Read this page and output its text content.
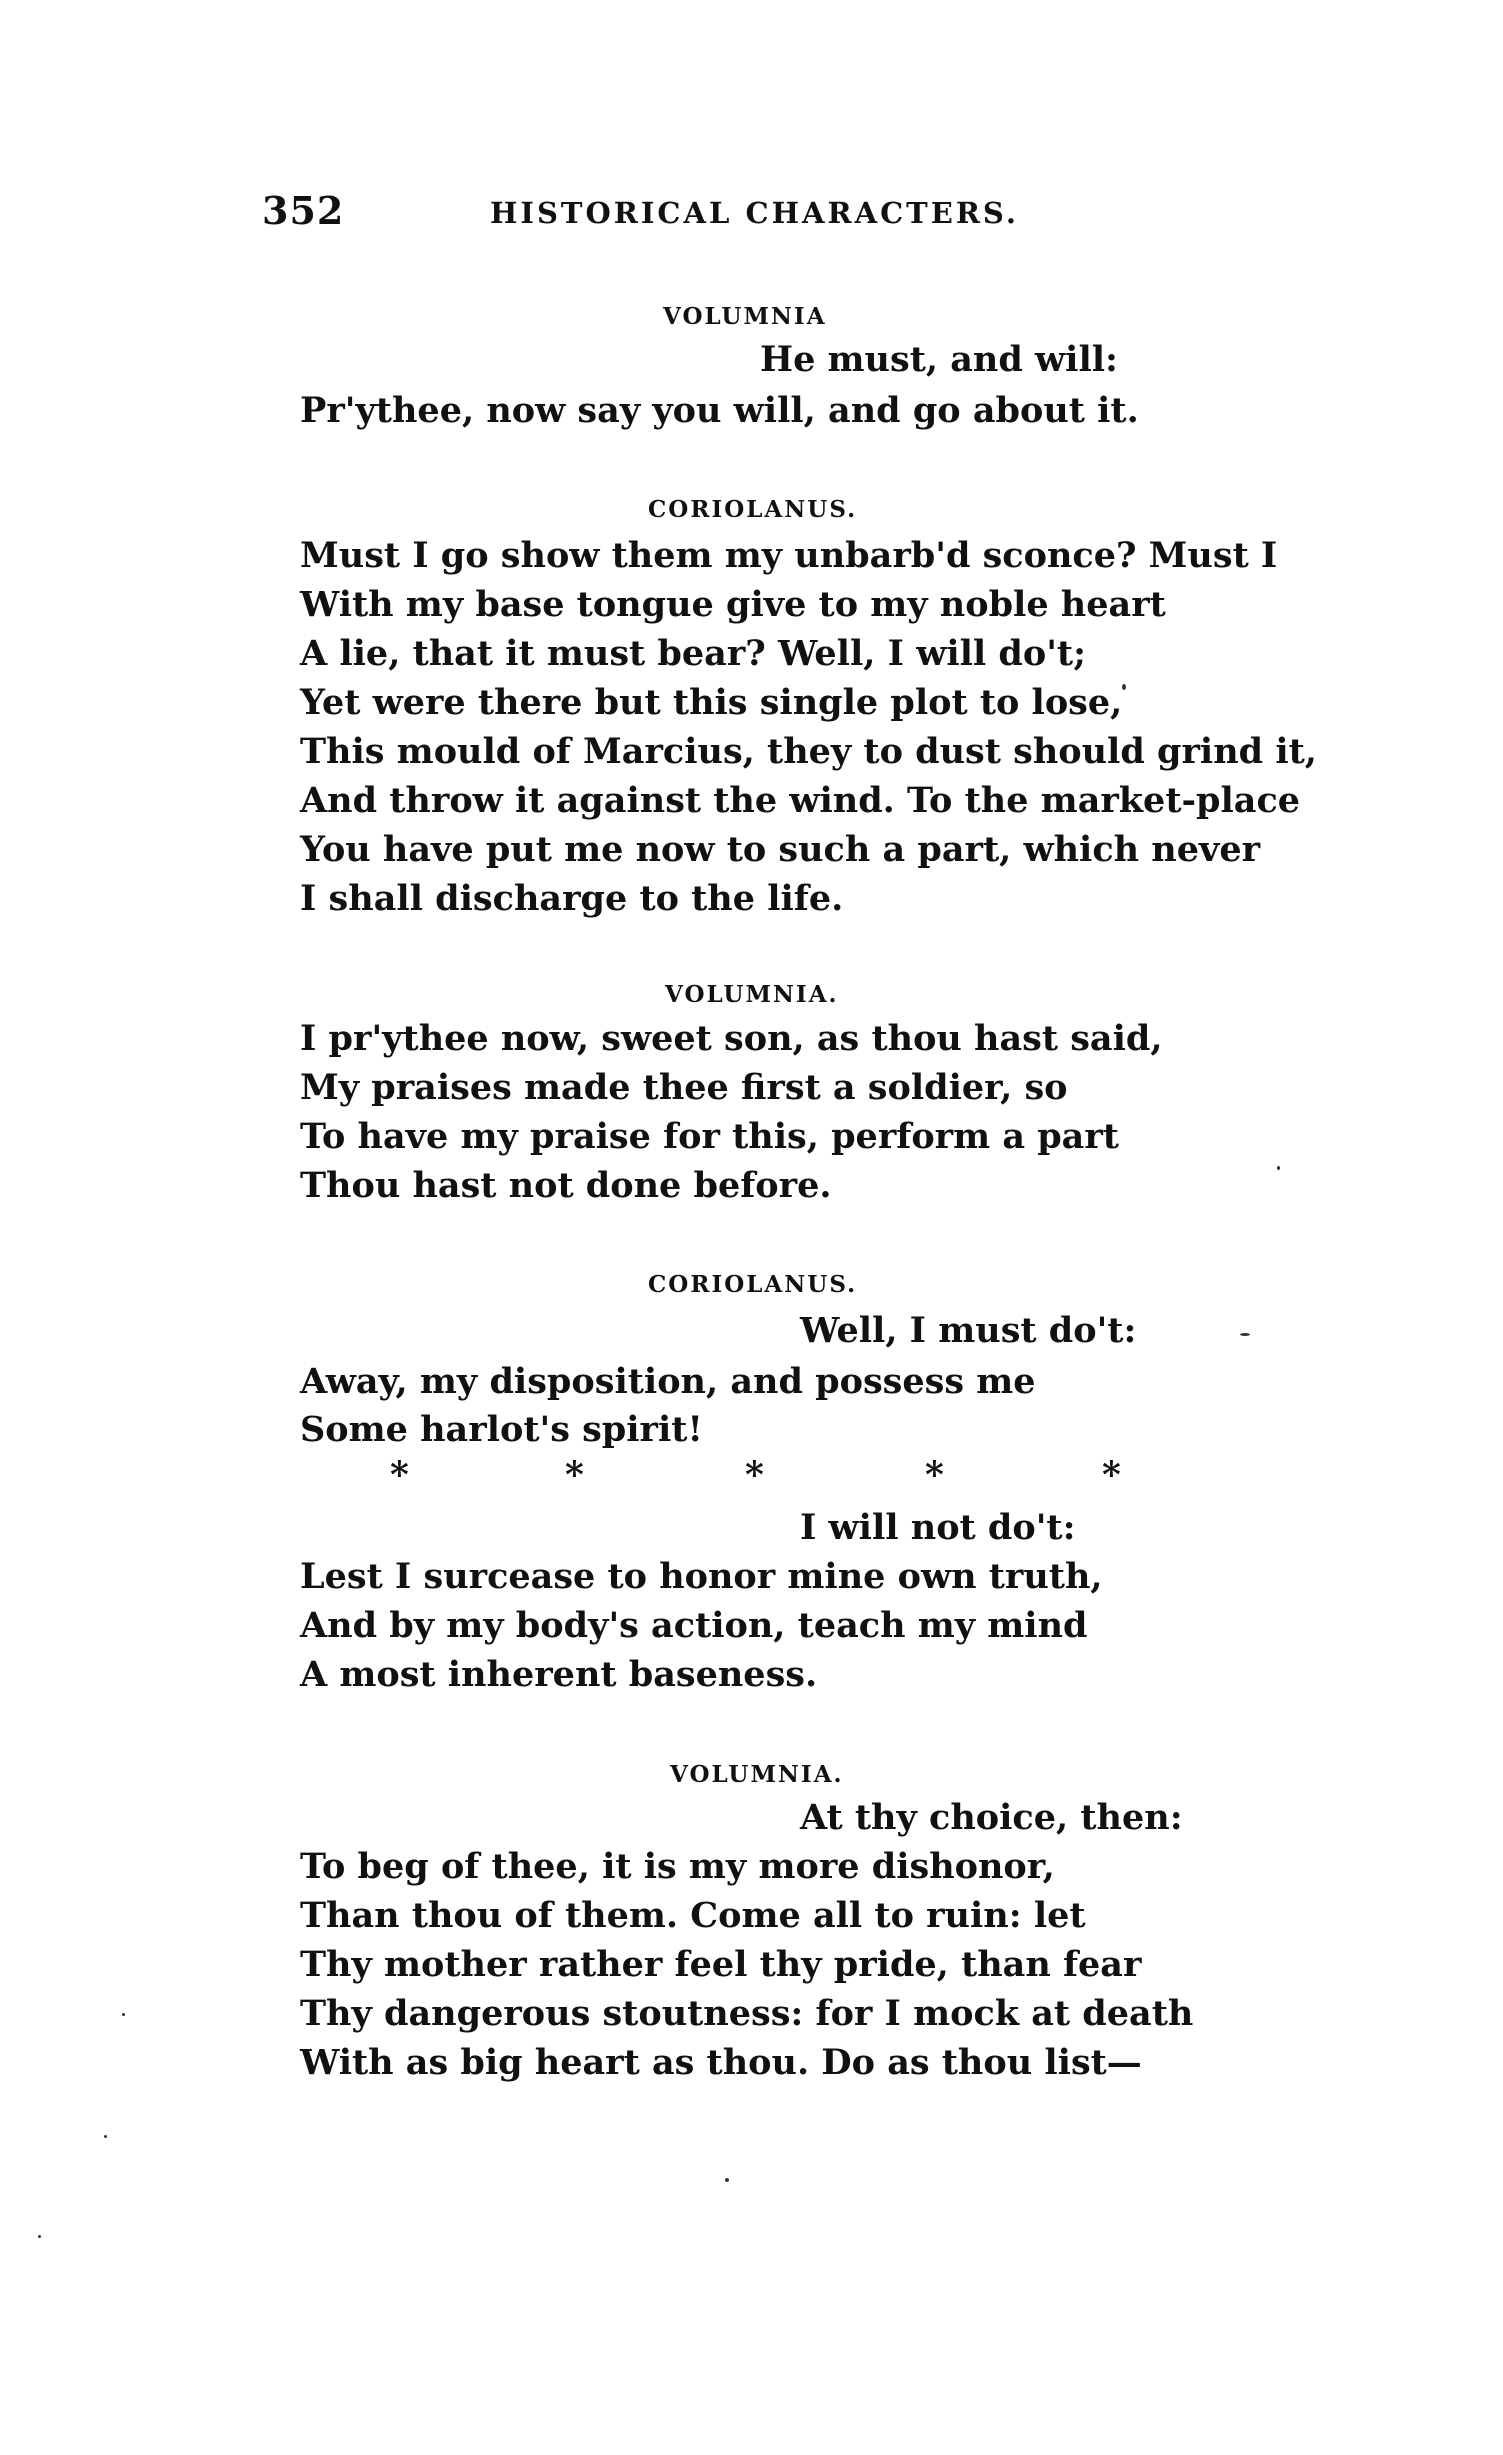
352	HISTORICAL CHARACTERS.
VOLUMNIA
He must, and will:
Pr'ythee, now say you will, and go about it.
CORIOLANUS.
Must I go show them my unbarb'd sconce? Must I
With my base tongue give to my noble heart
A lie, that it must bear? Well, I will do't;
Yet were there but this single plot to lose,
This mould of Marcius, they to dust should grind it,
And throw it against the wind. To the market-place
You have put me now to such a part, which never
I shall discharge to the life.
VOLUMNIA.
I pr'ythee now, sweet son, as thou hast said,
My praises made thee first a soldier, so
To have my praise for this, perform a part
Thou hast not done before.
CORIOLANUS.
Well, I must do't:
Away, my disposition, and possess me
Some harlot's spirit!
*	*	*	*	*
I will not do't:
Lest I surcease to honor mine own truth,
And by my body's action, teach my mind
A most inherent baseness.
VOLUMNIA.
At thy choice, then:
To beg of thee, it is my more dishonor,
Than thou of them. Come all to ruin: let
Thy mother rather feel thy pride, than fear
Thy dangerous stoutness: for I mock at death
With as big heart as thou. Do as thou list—
